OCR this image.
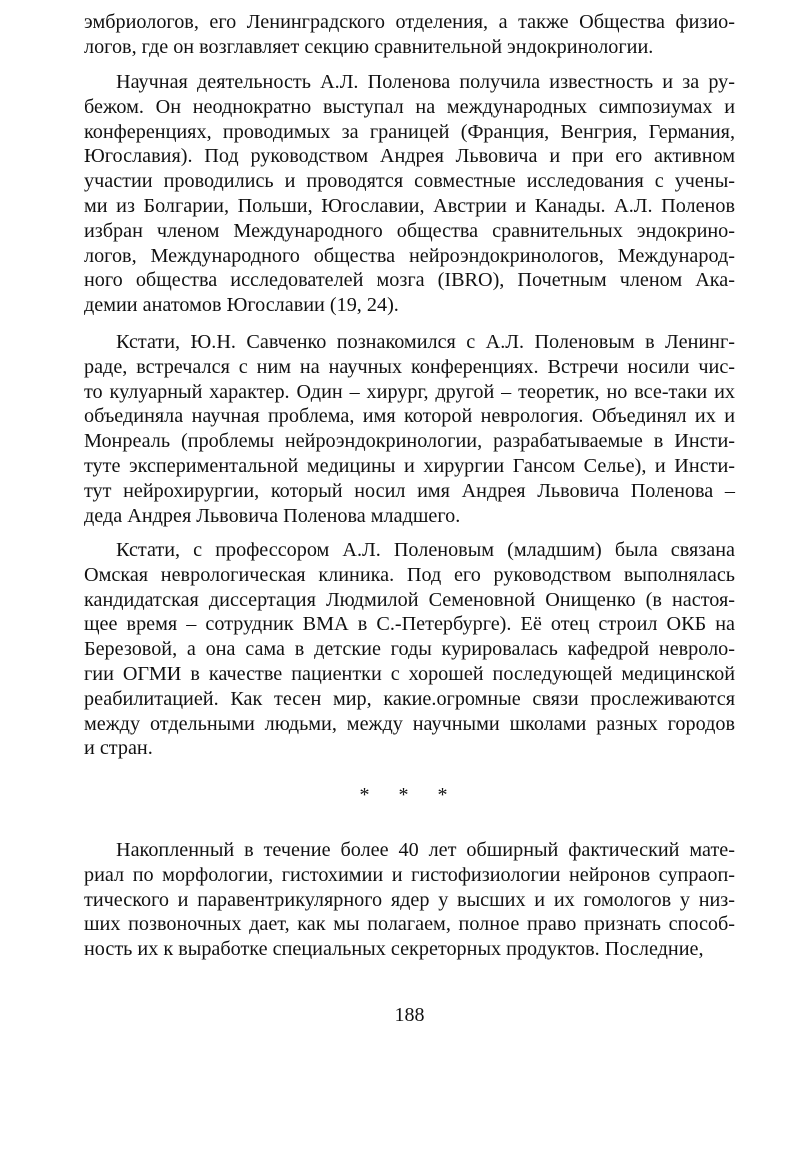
эмбриологов, его Ленинградского отделения, а также Общества физио-
логов, где он возглавляет секцию сравнительной эндокринологии.
Научная деятельность А.Л. Поленова получила известность и за ру-
бежом. Он неоднократно выступал на международных симпозиумах и
конференциях, проводимых за границей (Франция, Венгрия, Германия,
Югославия). Под руководством Андрея Львовича и при его активном
участии проводились и проводятся совместные исследования с учены-
ми из Болгарии, Польши, Югославии, Австрии и Канады. А.Л. Поленов
избран членом Международного общества сравнительных эндокрино-
логов, Международного общества нейроэндокринологов, Международ-
ного общества исследователей мозга (IBRO), Почетным членом Ака-
демии анатомов Югославии (19, 24).
Кстати, Ю.Н. Савченко познакомился с А.Л. Поленовым в Ленинг-
раде, встречался с ним на научных конференциях. Встречи носили чис-
то кулуарный характер. Один – хирург, другой – теоретик, но все-таки их
объединяла научная проблема, имя которой неврология. Объединял их и
Монреаль (проблемы нейроэндокринологии, разрабатываемые в Инсти-
туте экспериментальной медицины и хирургии Гансом Селье), и Инсти-
тут нейрохирургии, который носил имя Андрея Львовича Поленова –
деда Андрея Львовича Поленова младшего.
Кстати, с профессором А.Л. Поленовым (младшим) была связана
Омская неврологическая клиника. Под его руководством выполнялась
кандидатская диссертация Людмилой Семеновной Онищенко (в настоя-
щее время – сотрудник ВМА в С.-Петербурге). Её отец строил ОКБ на
Березовой, а она сама в детские годы курировалась кафедрой невроло-
гии ОГМИ в качестве пациентки с хорошей последующей медицинской
реабилитацией. Как тесен мир, какие.огромные связи прослеживаются
между отдельными людьми, между научными школами разных городов
и стран.
* * *
Накопленный в течение более 40 лет обширный фактический мате-
риал по морфологии, гистохимии и гистофизиологии нейронов супраоп-
тического и паравентрикулярного ядер у высших и их гомологов у низ-
ших позвоночных дает, как мы полагаем, полное право признать способ-
ность их к выработке специальных секреторных продуктов. Последние,
188
